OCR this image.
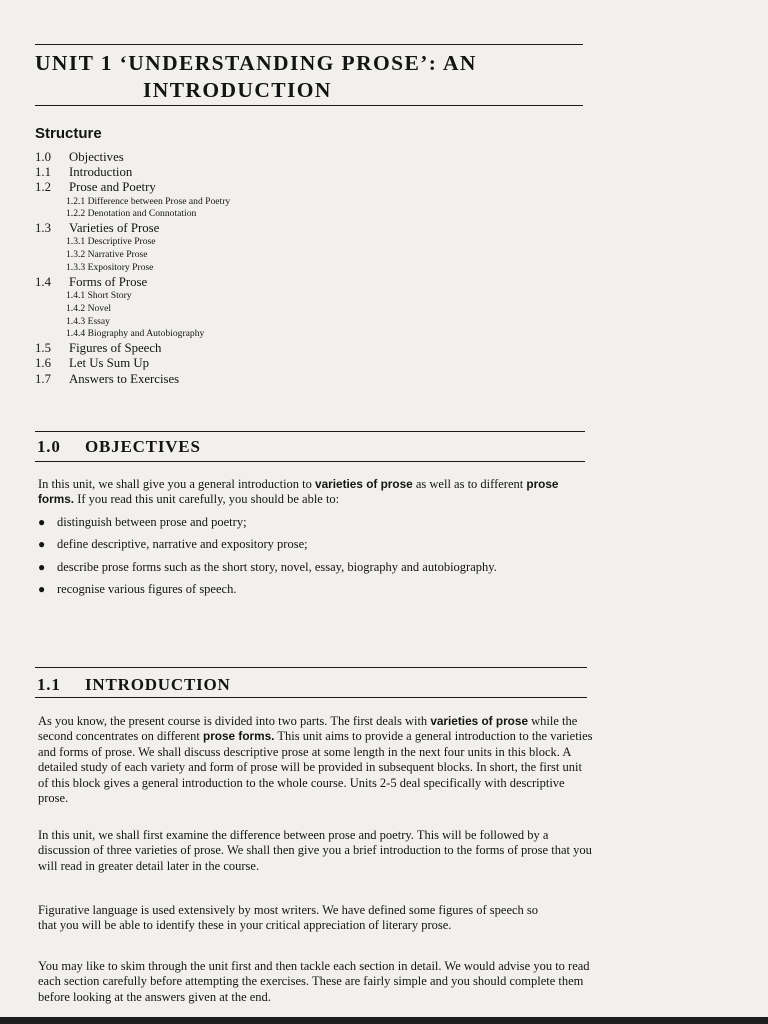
UNIT 1 ‘UNDERSTANDING PROSE’: AN
INTRODUCTION
Structure
1.0	Objectives
1.1	Introduction
1.2	Prose and Poetry
1.2.1 Difference between Prose and Poetry
1.2.2 Denotation and Connotation
1.3	Varieties of Prose
1.3.1 Descriptive Prose
1.3.2 Narrative Prose
1.3.3 Expository Prose
1.4	Forms of Prose
1.4.1 Short Story
1.4.2 Novel
1.4.3 Essay
1.4.4 Biography and Autobiography
1.5	Figures of Speech
1.6	Let Us Sum Up
1.7	Answers to Exercises
1.0 OBJECTIVES
In this unit, we shall give you a general introduction to varieties of prose as well as to different prose forms. If you read this unit carefully, you should be able to:
● distinguish between prose and poetry;
● define descriptive, narrative and expository prose;
● describe prose forms such as the short story, novel, essay, biography and autobiography.
● recognise various figures of speech.
1.1 INTRODUCTION
As you know, the present course is divided into two parts. The first deals with varieties of prose while the second concentrates on different prose forms. This unit aims to provide a general introduction to the varieties and forms of prose. We shall discuss descriptive prose at some length in the next four units in this block. A detailed study of each variety and form of prose will be provided in subsequent blocks. In short, the first unit of this block gives a general introduction to the whole course. Units 2-5 deal specifically with descriptive prose.
In this unit, we shall first examine the difference between prose and poetry. This will be followed by a discussion of three varieties of prose. We shall then give you a brief introduction to the forms of prose that you will read in greater detail later in the course.
Figurative language is used extensively by most writers. We have defined some figures of speech so that you will be able to identify these in your critical appreciation of literary prose.
You may like to skim through the unit first and then tackle each section in detail. We would advise you to read each section carefully before attempting the exercises. These are fairly simple and you should complete them before looking at the answers given at the end.
